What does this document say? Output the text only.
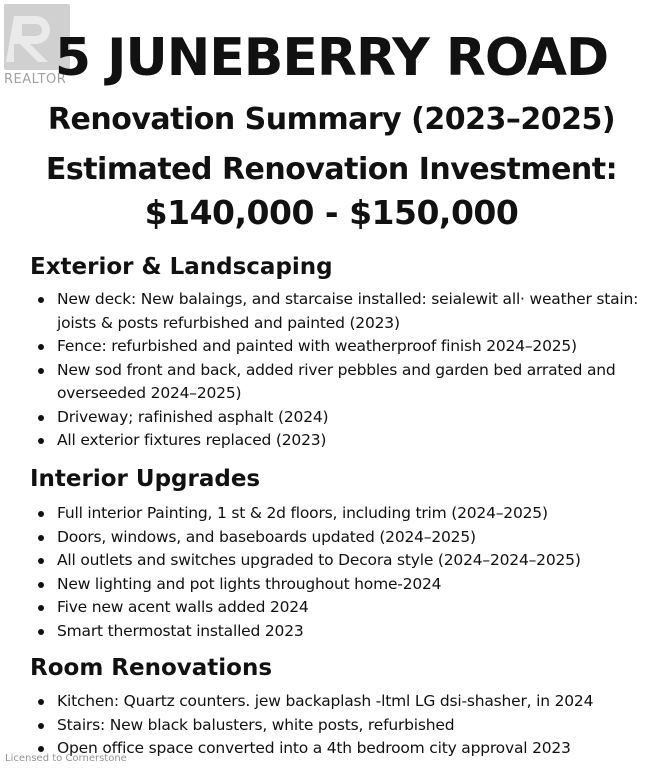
REALTOR
5 JUNEBERRY ROAD
Renovation Summary (2023–2025)
Estimated Renovation Investment:
$140,000 - $150,000
Exterior & Landscaping
New deck: New balaings, and starcaise installed: seialewit all· weather stain: joists & posts refurbished and painted (2023)
Fence: refurbished and painted with weatherproof finish 2024–2025)
New sod front and back, added river pebbles and garden bed arrated and overseeded 2024–2025)
Driveway; rafinished asphalt (2024)
All exterior fixtures replaced (2023)
Interior Upgrades
Full interior Painting, 1 st & 2d floors, including trim (2024–2025)
Doors, windows, and baseboards updated (2024–2025)
All outlets and switches upgraded to Decora style (2024–2024–2025)
New lighting and pot lights throughout home-2024
Five new acent walls added 2024
Smart thermostat installed 2023
Room Renovations
Kitchen: Quartz counters. jew backaplash -ltml LG dsi-shasher, in 2024
Stairs: New black balusters, white posts, refurbished
Open office space converted into a 4th bedroom city approval 2023
Licensed to Cornerstone
